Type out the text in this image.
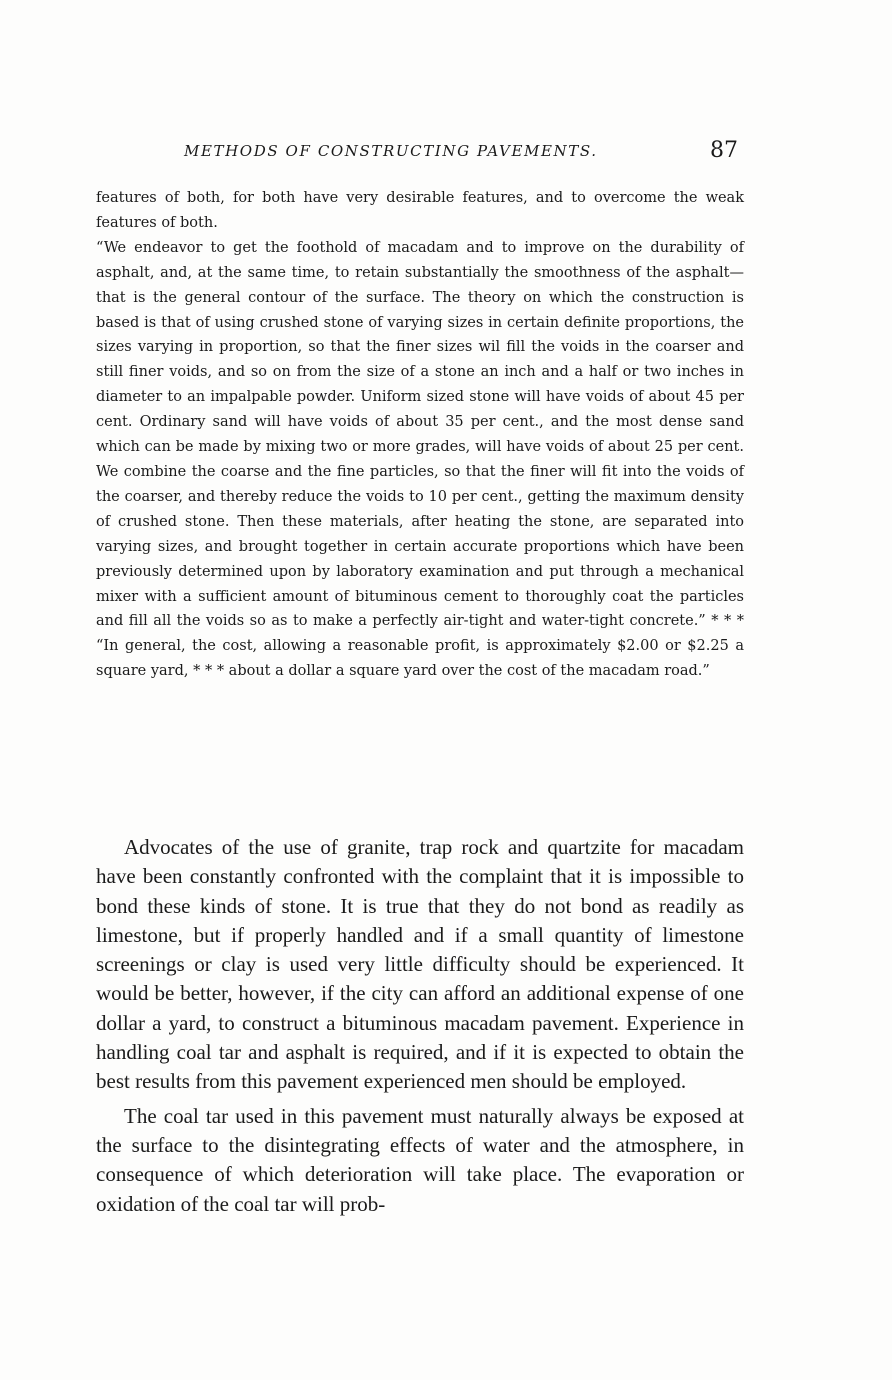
METHODS OF CONSTRUCTING PAVEMENTS.	87

features of both, for both have very desirable features, and to overcome the weak features of both.

“We endeavor to get the foothold of macadam and to improve on the durability of asphalt, and, at the same time, to retain substantially the smoothness of the asphalt—that is the general contour of the surface. The theory on which the construction is based is that of using crushed stone of varying sizes in certain definite proportions, the sizes varying in proportion, so that the finer sizes wil fill the voids in the coarser and still finer voids, and so on from the size of a stone an inch and a half or two inches in diameter to an impalpable powder. Uniform sized stone will have voids of about 45 per cent. Ordinary sand will have voids of about 35 per cent., and the most dense sand which can be made by mixing two or more grades, will have voids of about 25 per cent. We combine the coarse and the fine particles, so that the finer will fit into the voids of the coarser, and thereby reduce the voids to 10 per cent., getting the maximum density of crushed stone. Then these materials, after heating the stone, are separated into varying sizes, and brought together in certain accurate proportions which have been previously determined upon by laboratory examination and put through a mechanical mixer with a sufficient amount of bituminous cement to thoroughly coat the particles and fill all the voids so as to make a perfectly air-tight and water-tight concrete.” * * * “In general, the cost, allowing a reasonable profit, is approximately $2.00 or $2.25 a square yard, * * * about a dollar a square yard over the cost of the macadam road.”

Advocates of the use of granite, trap rock and quartzite for macadam have been constantly confronted with the complaint that it is impossible to bond these kinds of stone. It is true that they do not bond as readily as limestone, but if properly handled and if a small quantity of limestone screenings or clay is used very little difficulty should be experienced. It would be better, however, if the city can afford an additional expense of one dollar a yard, to construct a bituminous macadam pavement. Experience in handling coal tar and asphalt is required, and if it is expected to obtain the best results from this pavement experienced men should be employed.

The coal tar used in this pavement must naturally always be exposed at the surface to the disintegrating effects of water and the atmosphere, in consequence of which deterioration will take place. The evaporation or oxidation of the coal tar will prob-
